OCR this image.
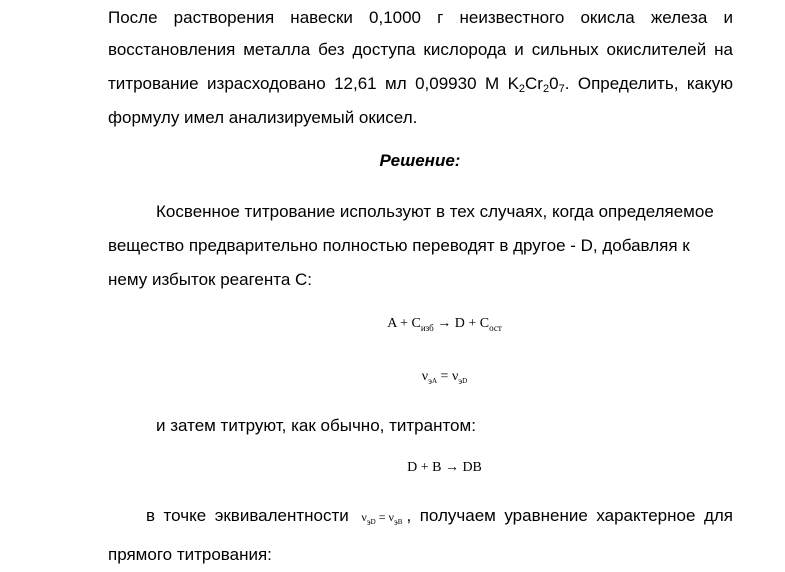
После растворения навески 0,1000 г неизвестного окисла железа и
восстановления металла без доступа кислорода и сильных окислителей на
титрование израсходовано 12,61 мл 0,09930 М K2Cr207. Определить, какую
формулу имел анализируемый окисел.
Решение:
Косвенное титрование используют в тех случаях, когда определяемое
вещество предварительно полностью переводят в другое - D, добавляя к
нему избыток реагента С:
$A + C_{изб} \to D + C_{ост}$
$\nu_{эA} = \nu_{эD}$
и затем титруют, как обычно, титрантом:
D + B → DB
в точке эквивалентности $\nu_{эD} = \nu_{эB}$ , получаем уравнение характерное для
прямого титрования:
